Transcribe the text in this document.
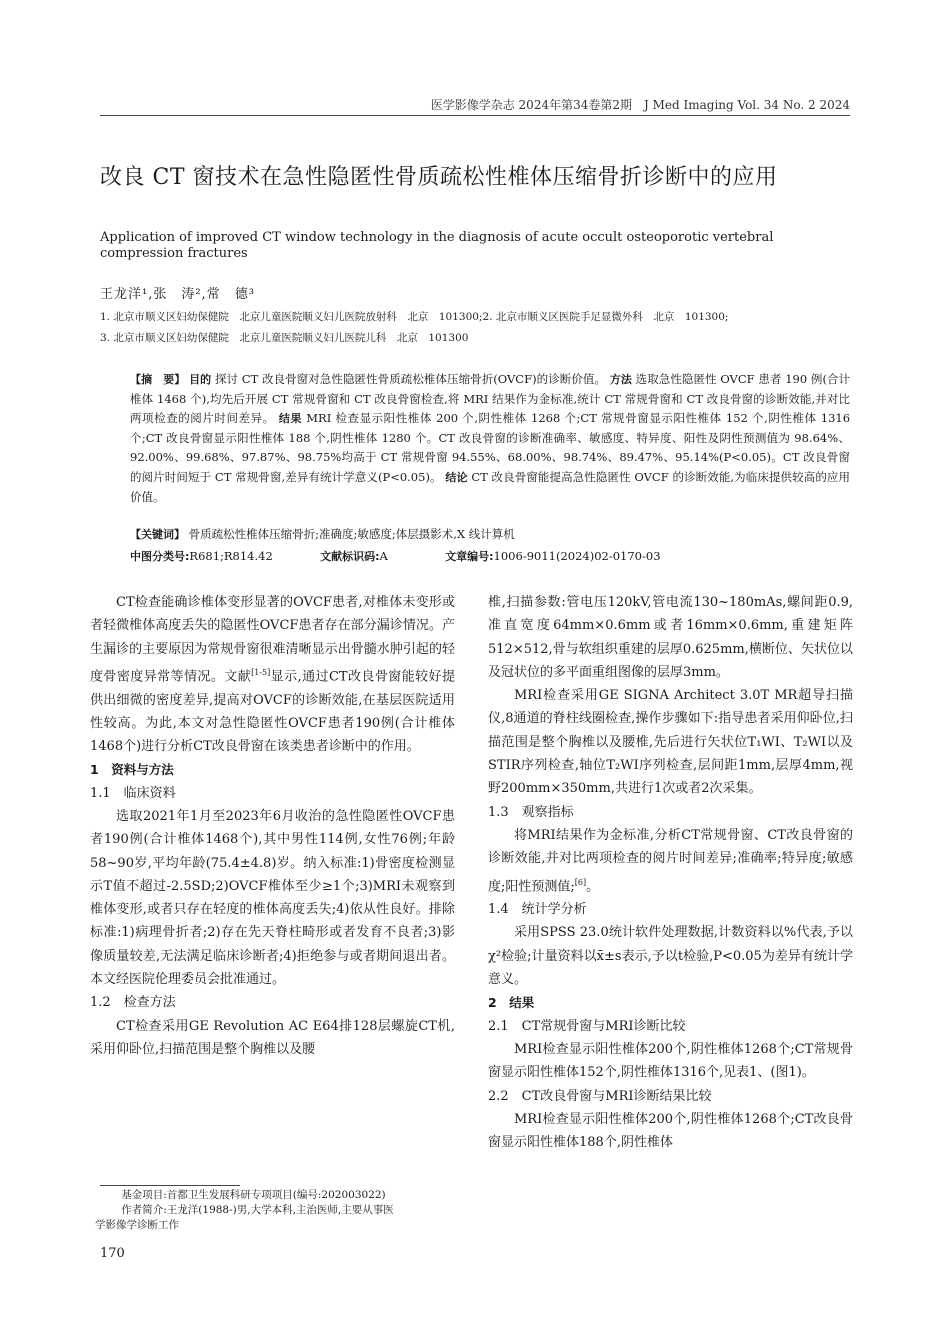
医学影像学杂志 2024年第34卷第2期　J Med Imaging Vol. 34 No. 2 2024
改良 CT 窗技术在急性隐匿性骨质疏松性椎体压缩骨折诊断中的应用
Application of improved CT window technology in the diagnosis of acute occult osteoporotic vertebral compression fractures
王龙洋¹,张　涛²,常　德³
1. 北京市顺义区妇幼保健院　北京儿童医院顺义妇儿医院放射科　北京　101300;2. 北京市顺义区医院手足显微外科　北京　101300;
3. 北京市顺义区妇幼保健院　北京儿童医院顺义妇儿医院儿科　北京　101300
【摘　要】 目的 探讨 CT 改良骨窗对急性隐匿性骨质疏松椎体压缩骨折(OVCF)的诊断价值。 方法 选取急性隐匿性 OVCF 患者 190 例(合计椎体 1468 个),均先后开展 CT 常规骨窗和 CT 改良骨窗检查,将 MRI 结果作为金标准,统计 CT 常规骨窗和 CT 改良骨窗的诊断效能,并对比两项检查的阅片时间差异。 结果 MRI 检查显示阳性椎体 200 个,阴性椎体 1268 个;CT 常规骨窗显示阳性椎体 152 个,阴性椎体 1316 个;CT 改良骨窗显示阳性椎体 188 个,阴性椎体 1280 个。CT 改良骨窗的诊断准确率、敏感度、特异度、阳性及阴性预测值为 98.64%、92.00%、99.68%、97.87%、98.75%均高于 CT 常规骨窗 94.55%、68.00%、98.74%、89.47%、95.14%(P<0.05)。CT 改良骨窗的阅片时间短于 CT 常规骨窗,差异有统计学意义(P<0.05)。 结论 CT 改良骨窗能提高急性隐匿性 OVCF 的诊断效能,为临床提供较高的应用价值。
【关键词】 骨质疏松性椎体压缩骨折;准确度;敏感度;体层摄影术,X 线计算机
中图分类号:R681;R814.42	文献标识码:A	文章编号:1006-9011(2024)02-0170-03

CT检查能确诊椎体变形显著的OVCF患者,对椎体未变形或者轻微椎体高度丢失的隐匿性OVCF患者存在部分漏诊情况。产生漏诊的主要原因为常规骨窗很难清晰显示出骨髓水肿引起的轻度骨密度异常等情况。文献[1-5]显示,通过CT改良骨窗能较好提供出细微的密度差异,提高对OVCF的诊断效能,在基层医院适用性较高。为此,本文对急性隐匿性OVCF患者190例(合计椎体1468个)进行分析CT改良骨窗在该类患者诊断中的作用。

1　资料与方法

1.1　临床资料

选取2021年1月至2023年6月收治的急性隐匿性OVCF患者190例(合计椎体1468个),其中男性114例,女性76例;年龄58~90岁,平均年龄(75.4±4.8)岁。纳入标准:1)骨密度检测显示T值不超过-2.5SD;2)OVCF椎体至少≥1个;3)MRI未观察到椎体变形,或者只存在轻度的椎体高度丢失;4)依从性良好。排除标准:1)病理骨折者;2)存在先天脊柱畸形或者发育不良者;3)影像质量较差,无法满足临床诊断者;4)拒绝参与或者期间退出者。本文经医院伦理委员会批准通过。

1.2　检查方法

CT检查采用GE Revolution AC E64排128层螺旋CT机,采用仰卧位,扫描范围是整个胸椎以及腰

椎,扫描参数:管电压120kV,管电流130~180mAs,螺间距0.9,准直宽度64mm×0.6mm或者16mm×0.6mm,重建矩阵512×512,骨与软组织重建的层厚0.625mm,横断位、矢状位以及冠状位的多平面重组图像的层厚3mm。

MRI检查采用GE SIGNA Architect 3.0T MR超导扫描仪,8通道的脊柱线圈检查,操作步骤如下:指导患者采用仰卧位,扫描范围是整个胸椎以及腰椎,先后进行矢状位T₁WI、T₂WI以及STIR序列检查,轴位T₂WI序列检查,层间距1mm,层厚4mm,视野200mm×350mm,共进行1次或者2次采集。

1.3　观察指标

将MRI结果作为金标准,分析CT常规骨窗、CT改良骨窗的诊断效能,并对比两项检查的阅片时间差异;准确率;特异度;敏感度;阳性预测值;[6]。

1.4　统计学分析

采用SPSS 23.0统计软件处理数据,计数资料以%代表,予以χ²检验;计量资料以x̄±s表示,予以t检验,P<0.05为差异有统计学意义。

2　结果

2.1　CT常规骨窗与MRI诊断比较

MRI检查显示阳性椎体200个,阴性椎体1268个;CT常规骨窗显示阳性椎体152个,阴性椎体1316个,见表1、(图1)。

2.2　CT改良骨窗与MRI诊断结果比较

MRI检查显示阳性椎体200个,阴性椎体1268个;CT改良骨窗显示阳性椎体188个,阴性椎体

基金项目:首都卫生发展科研专项项目(编号:202003022)

作者简介:王龙洋(1988-)男,大学本科,主治医师,主要从事医

学影像学诊断工作

170
